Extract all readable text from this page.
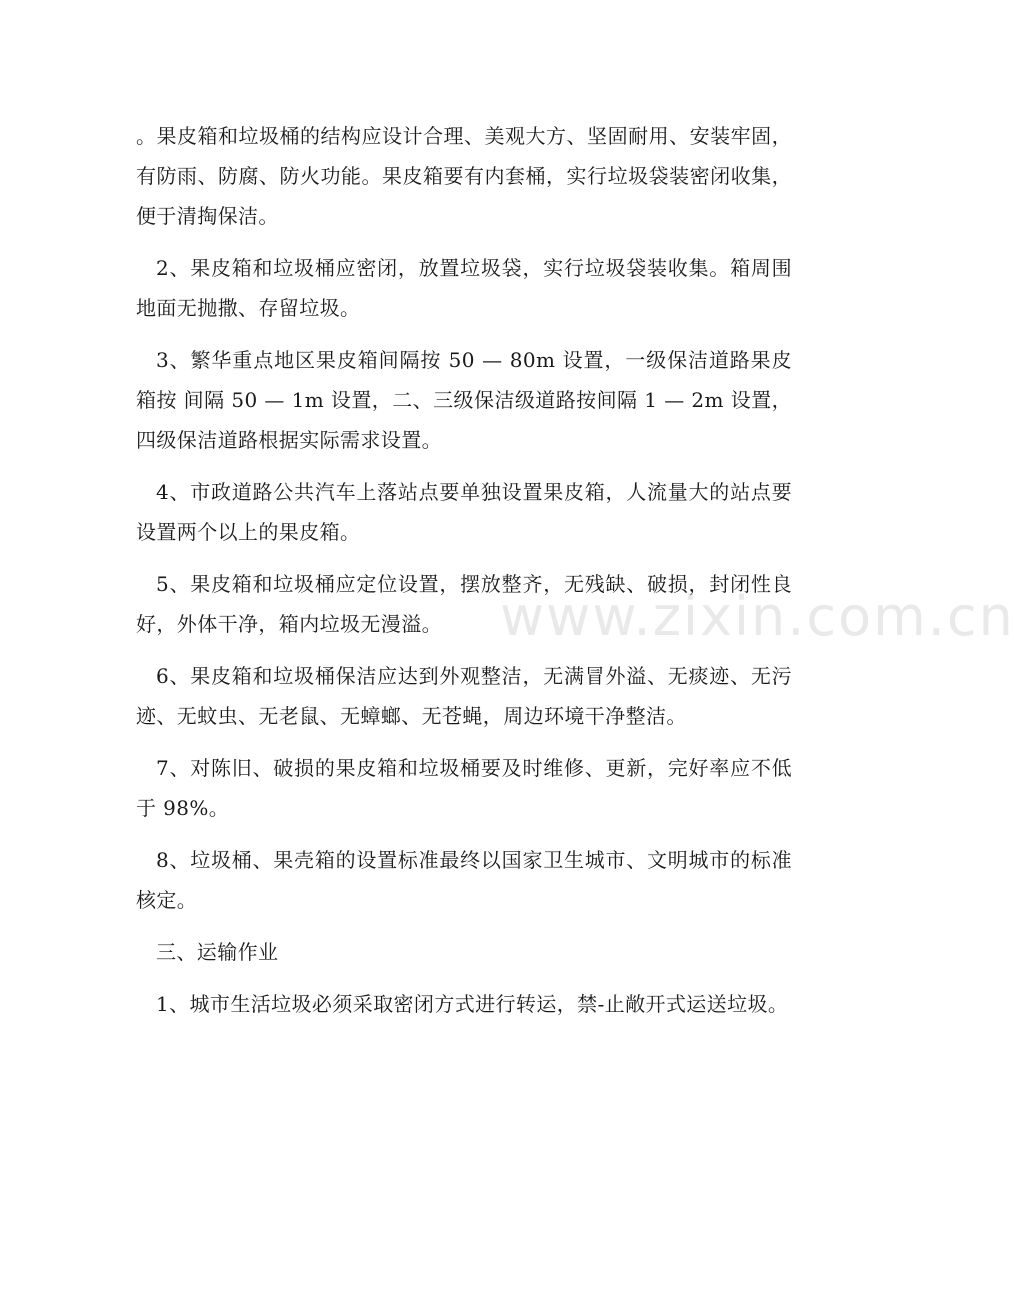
www.zixin.com.cn

。果皮箱和垃圾桶的结构应设计合理、美观大方、坚固耐用、安装牢固，有防雨、防腐、防火功能。果皮箱要有内套桶，实行垃圾袋装密闭收集，便于清掏保洁。

2、果皮箱和垃圾桶应密闭，放置垃圾袋，实行垃圾袋装收集。箱周围地面无抛撒、存留垃圾。

3、繁华重点地区果皮箱间隔按 50 — 80m 设置，一级保洁道路果皮箱按 间隔 50 — 1m 设置，二、三级保洁级道路按间隔 1 — 2m 设置，四级保洁道路根据实际需求设置。

4、市政道路公共汽车上落站点要单独设置果皮箱，人流量大的站点要设置两个以上的果皮箱。

5、果皮箱和垃圾桶应定位设置，摆放整齐，无残缺、破损，封闭性良好，外体干净，箱内垃圾无漫溢。

6、果皮箱和垃圾桶保洁应达到外观整洁，无满冒外溢、无痰迹、无污迹、无蚊虫、无老鼠、无蟑螂、无苍蝇，周边环境干净整洁。

7、对陈旧、破损的果皮箱和垃圾桶要及时维修、更新，完好率应不低于 98%。

8、垃圾桶、果壳箱的设置标准最终以国家卫生城市、文明城市的标准核定。

三、运输作业

1、城市生活垃圾必须采取密闭方式进行转运，禁-止敞开式运送垃圾。
